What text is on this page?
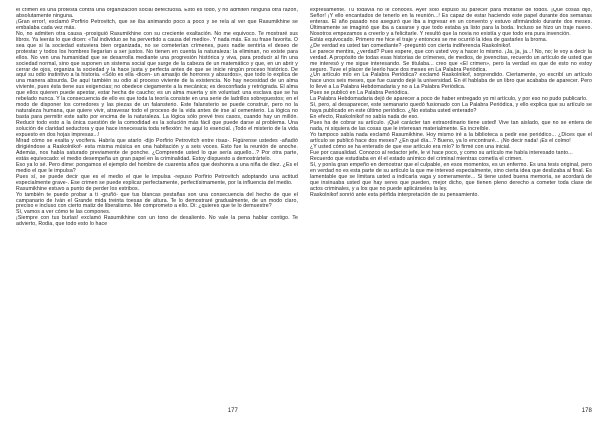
el crimen es una protesta contra una organización social defectuosa. Esto es todo, y no admiten ninguna otra razón, absolutamente ninguna.

¡Gran error!, exclamó Porfirio Petrovitch, que se iba animando poco a poco y se reía al ver que Rasumikhine se embalaba cada vez más.

No, no admiten otra causa -prosiguió Rasumikhine con su creciente exaltación. No me equivoco. Te mostraré sus libros. Ya leerás lo que dicen: «Tal individuo se ha pervertido a causa del medio». Y nada más. Es su frase favorita. O sea que si la sociedad estuviera bien organizada, no se cometerían crímenes, pues nadie sentiría el deseo de protestar y todos los hombres llegarían a ser justos. No tienen en cuenta la naturaleza: la eliminan, no existe para ellos. No ven una humanidad que se desarrolla mediante una progresión histórica y viva, para producir al fin una sociedad normal, sino que suponen un sistema social que surge de la cabeza de un matemático y que, en un abrir y cerrar de ojos, organiza la sociedad y la hace justa y perfecta antes de que se inicie ningún proceso histórico. De aquí su odio instintivo a la historia. «Sólo es ella -dicen- un amasijo de horrores y absurdos», que todo lo explica de una manera absurda. De aquí también su odio al proceso viviente de la existencia. No hay necesidad de un alma viviente, pues ésta tiene sus exigencias; no obedece ciegamente a la mecánica; es desconfiada y retrógrada. El alma que ellos quieren puede apestar, estar hecha de caucho; es un alma muerta y sin voluntad: una esclava que se ha rebelado nunca. Y la consecuencia de ello es que toda la teoría consiste en una serie de ladrillos sobrepuestos; en el modo de disponer los corredores y las piezas de un falansterio. Este falansterio se puede construir, pero no la naturaleza humana, que quiere vivir, atravesar todo el proceso de la vida antes de irse al cementerio. La lógica no basta para permitir este salto por encima de la naturaleza. La lógica sólo prevé tres casos, cuando hay un millón. Reducir todo esto a la única cuestión de la comodidad es la solución más fácil que puede darse al problema. Una solución de claridad seductora y que hace innecesaria toda reflexión: he aquí lo esencial. ¡Todo el misterio de la vida expuesto en dos hojas impresas...!

Mirad cómo se exalta y vocifera. Habría que atarlo -dijo Porfirio Petrovitch entre risas-. Figúrense ustedes -añadió dirigiéndose a Raskolnikof- esta misma música en una habitación y a seis voces. Esto fue la reunión de anoche. Además, nos había saturado previamente de ponche. ¿Comprende usted lo que sería aquello...? Por otra parte, estás equivocado: el medio desempeña un gran papel en la criminalidad. Estoy dispuesto a demostrártelo.

Eso ya lo sé. Pero dime: pongamos el ejemplo del hombre de cuarenta años que deshonra a una niña de diez. ¿Es el medio el que le impulsa?

Pues sí, se puede decir que es el medio el que le impulsa -repuso Porfirio Petrovitch adoptando una actitud especialmente grave-. Ese crimen se puede explicar perfectamente, perfectísimamente, por la influencia del medio.

Rasumikhine estuvo a punto de perder los estribos.

Yo también te puedo probar a ti -gruñó- que tus blancas pestañas son una consecuencia del hecho de que el campanario de Iván el Grande mida treinta toesas de altura. Te lo demostraré gradualmente, de un modo claro, preciso e incluso con cierto matiz de liberalismo. Me comprometo a ello. Di: ¿quieres que te lo demuestre?

Sí, vamos a ver cómo te las compones.

¡Siempre con tus burlas! exclamó Rasumikhine con un tono de desaliento. No vale la pena hablar contigo. Te advierto, Rodia, que todo esto lo hace

177

expresamente. Tú todavía no le conoces. Ayer solo expuso su parecer para mofarse de todos. ¡Qué cosas dijo, Señor! ¡Y ello encantados de tenerlo en la reunión...! Es capaz de estar haciendo este papel durante dos semanas enteras. El año pasado nos aseguró que iba a ingresar en un convento y estuvo afirmándolo durante dos meses. Últimamente se imaginó que iba a casarse y que todo estaba ya listo para la boda. Incluso se hizo un traje nuevo. Nosotros empezamos a creerlo y a felicitarle. Y resultó que la novia no existía y que todo era pura invención.

Estás equivocado. Primero me hice el traje y entonces se me ocurrió la idea de gastarles la broma.

¿De verdad es usted tan comediante? -preguntó con cierta indiferencia Raskolnikof.

Le parece mentira, ¿verdad? Pues espere, que con usted voy a hacer lo mismo. ¡Ja, ja, ja...! No, no; le voy a decir la verdad. A propósito de todas esas historias de crímenes, de medios, de jovencitas, recuerdo un artículo de usted que me interesó y me sigue interesando. Se titulaba... creo que «El crimen», pero la verdad es que de esto no estoy seguro. Tuve el placer de leerlo hace dos meses en La Palabra Periódica.

¿Un artículo mío en La Palabra Periódica? exclamó Raskolnikof, sorprendido. Ciertamente, yo escribí un artículo hace unos seis meses, que fue cuando dejé la universidad. En él hablaba de un libro que acababa de aparecer. Pero lo llevé a La Palabra Hebdomadaria y no a La Palabra Periódica.

Pues se publicó en La Palabra Periódica.

La Palabra Hebdomadaria dejó de aparecer a poco de haber entregado yo mi artículo, y por eso no pudo publicarlo.

Sí, pero, al desaparecer, este semanario quedó fusionado con La Palabra Periódica, y ello explica que su artículo se haya publicado en este último periódico. ¿No estaba usted enterado?

En efecto, Raskolnikof no sabía nada de eso.

Pues ha de cobrar su artículo. ¡Qué carácter tan extraordinario tiene usted! Vive tan aislado, que no se entera de nada, ni siquiera de las cosas que le interesan materialmente. Es increíble.

Yo tampoco sabía nada exclamó Rasumikhine. Hoy mismo iré a la biblioteca a pedir ese periódico... ¿Dices que el artículo se publicó hace dos meses? ¿En qué día...? Bueno, ya lo encontraré... ¡No decir nada! ¡Es el colmo!

¿Y usted cómo se ha enterado de que ese artículo era mío? lo firmé con una inicial.

Fue por casualidad. Conozco al redactor jefe, le vi hace poco, y como su artículo me había interesado tanto...

Recuerdo que estudiaba en él el estado anímico del criminal mientras cometía el crimen.

Sí, y ponía gran empeño en demostrar que el culpable, en esos momentos, es un enfermo. Es una tesis original, pero en verdad no es esta parte de su artículo la que me interesó especialmente, sino cierta idea que deslizaba al final. Es lamentable que se limitara usted a indicarla vaga y someramente... Si tiene usted buena memoria, se acordará de que insinuaba usted que hay seres que pueden, mejor dicho, que tienen pleno derecho a cometer toda clase de actos criminales, y a los que no puede aplicárseles la ley.

Raskolnikof sonrió ante esta pérfida interpretación de su pensamiento.

178
